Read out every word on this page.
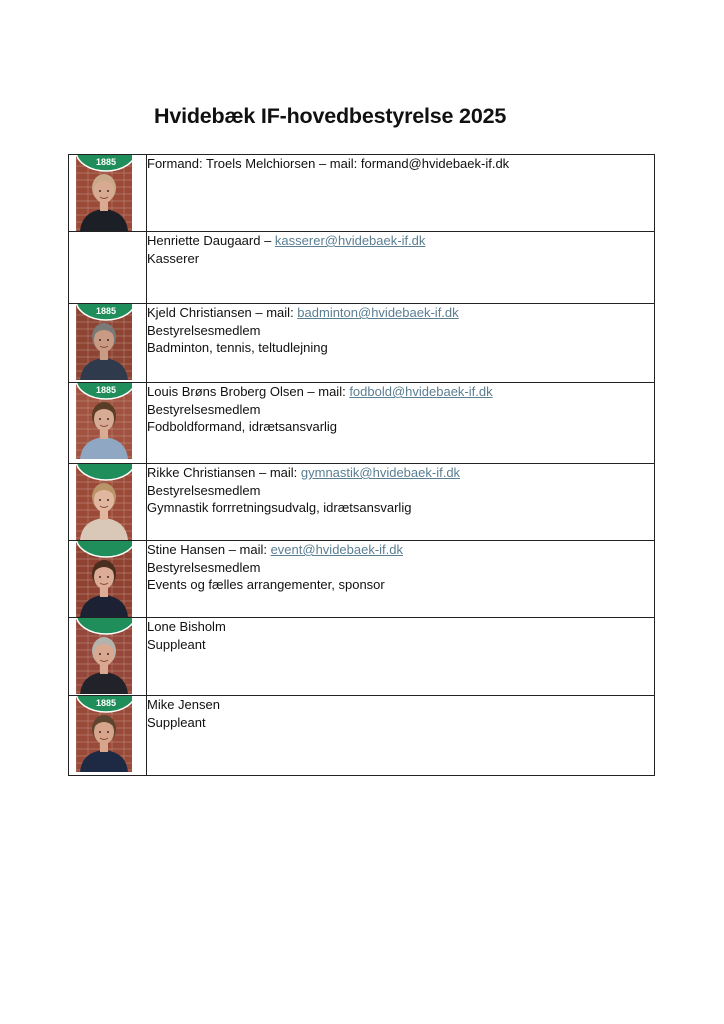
Hvidebæk IF-hovedbestyrelse 2025
1885	Formand: Troels Melchiorsen – mail: formand@hvidebaek-if.dk

	Henriette Daugaard – kasserer@hvidebaek-if.dk
Kasserer

1885	Kjeld Christiansen – mail: badminton@hvidebaek-if.dk
Bestyrelsesmedlem
Badminton, tennis, teltudlejning

1885	Louis Brøns Broberg Olsen – mail: fodbold@hvidebaek-if.dk
Bestyrelsesmedlem
Fodboldformand, idrætsansvarlig

Rikke Christiansen – mail: gymnastik@hvidebaek-if.dk
Bestyrelsesmedlem
Gymnastik forrretningsudvalg, idrætsansvarlig

Stine Hansen – mail: event@hvidebaek-if.dk
Bestyrelsesmedlem
Events og fælles arrangementer, sponsor

Lone Bisholm
Suppleant

1885	Mike Jensen
Suppleant
